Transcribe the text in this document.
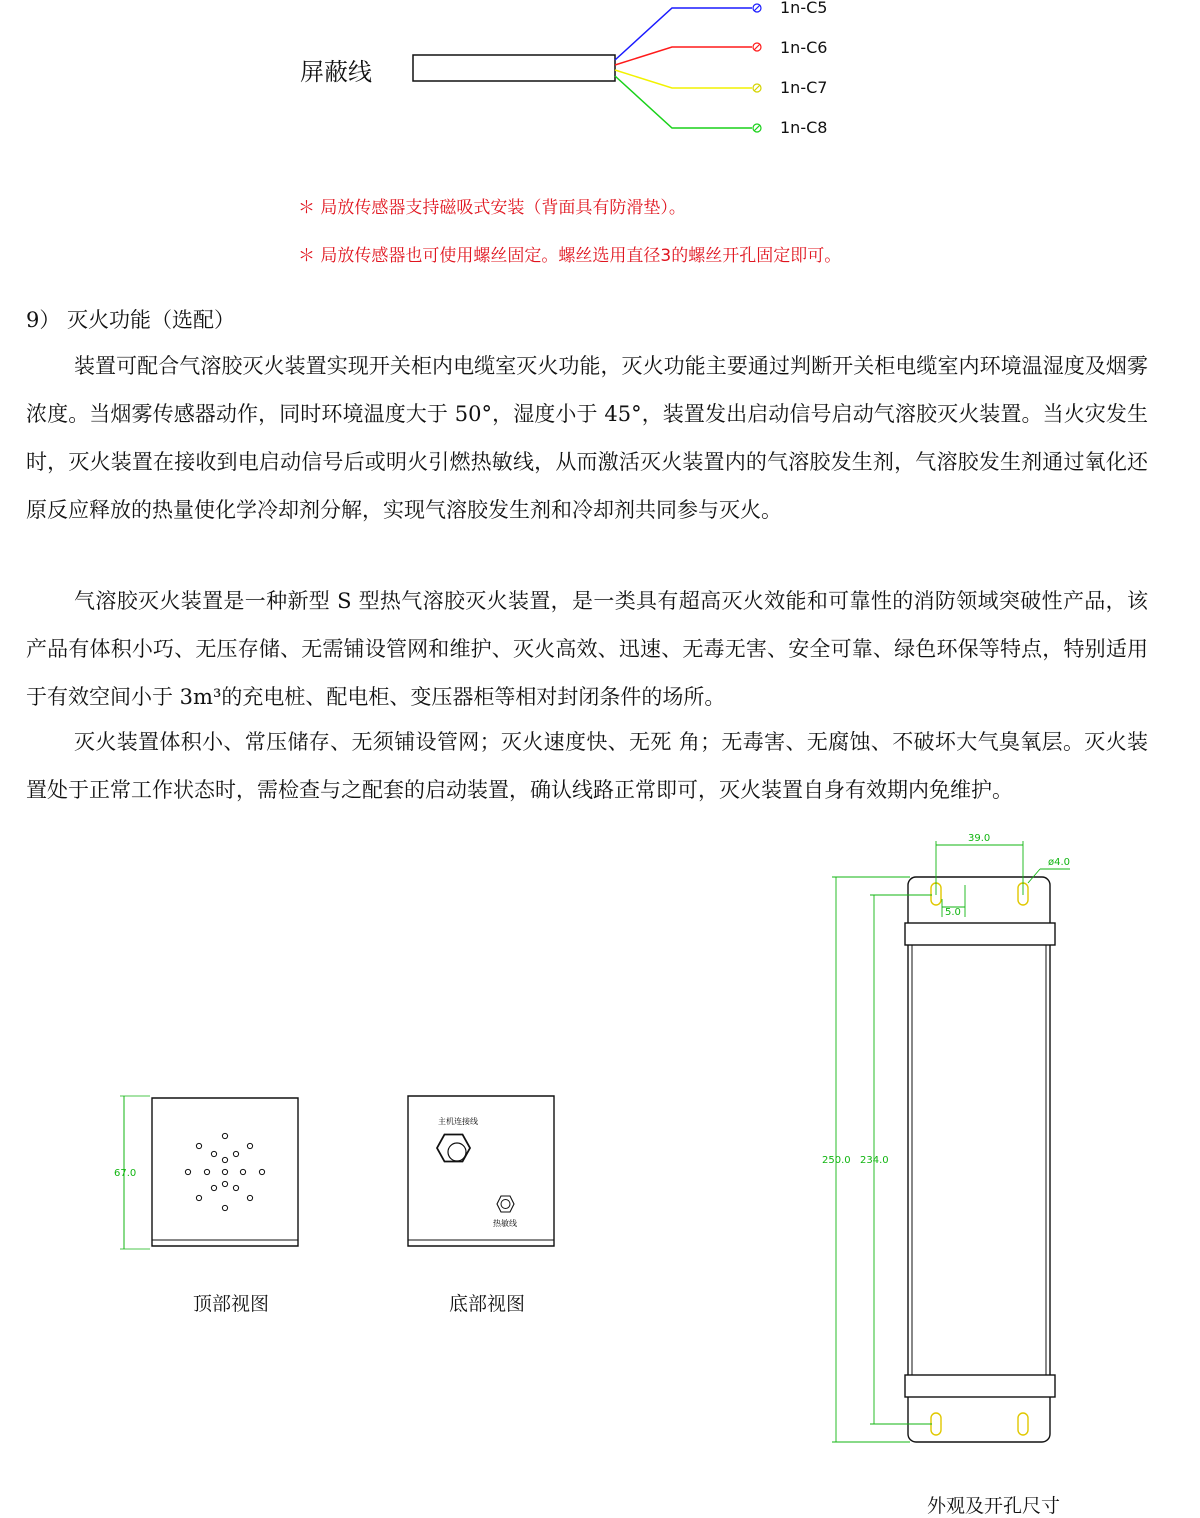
屏蔽线
1n-C5
1n-C6
1n-C7
1n-C8
＊ 局放传感器支持磁吸式安装（背面具有防滑垫）。
＊ 局放传感器也可使用螺丝固定。螺丝选用直径3的螺丝开孔固定即可。
9） 灭火功能（选配）

装置可配合气溶胶灭火装置实现开关柜内电缆室灭火功能，灭火功能主要通过判断开关柜电缆室内环境温湿度及烟雾浓度。当烟雾传感器动作，同时环境温度大于 50°，湿度小于 45°，装置发出启动信号启动气溶胶灭火装置。当火灾发生时，灭火装置在接收到电启动信号后或明火引燃热敏线，从而激活灭火装置内的气溶胶发生剂，气溶胶发生剂通过氧化还原反应释放的热量使化学冷却剂分解，实现气溶胶发生剂和冷却剂共同参与灭火。

气溶胶灭火装置是一种新型 S 型热气溶胶灭火装置，是一类具有超高灭火效能和可靠性的消防领域突破性产品，该产品有体积小巧、无压存储、无需铺设管网和维护、灭火高效、迅速、无毒无害、安全可靠、绿色环保等特点，特别适用于有效空间小于 3m³的充电桩、配电柜、变压器柜等相对封闭条件的场所。

灭火装置体积小、常压储存、无须铺设管网；灭火速度快、无死 角；无毒害、无腐蚀、不破坏大气臭氧层。灭火装置处于正常工作状态时，需检查与之配套的启动装置，确认线路正常即可，灭火装置自身有效期内免维护。

67.0
顶部视图
主机连接线
热敏线
底部视图
39.0
ø4.0
5.0
250.0 234.0
外观及开孔尺寸
